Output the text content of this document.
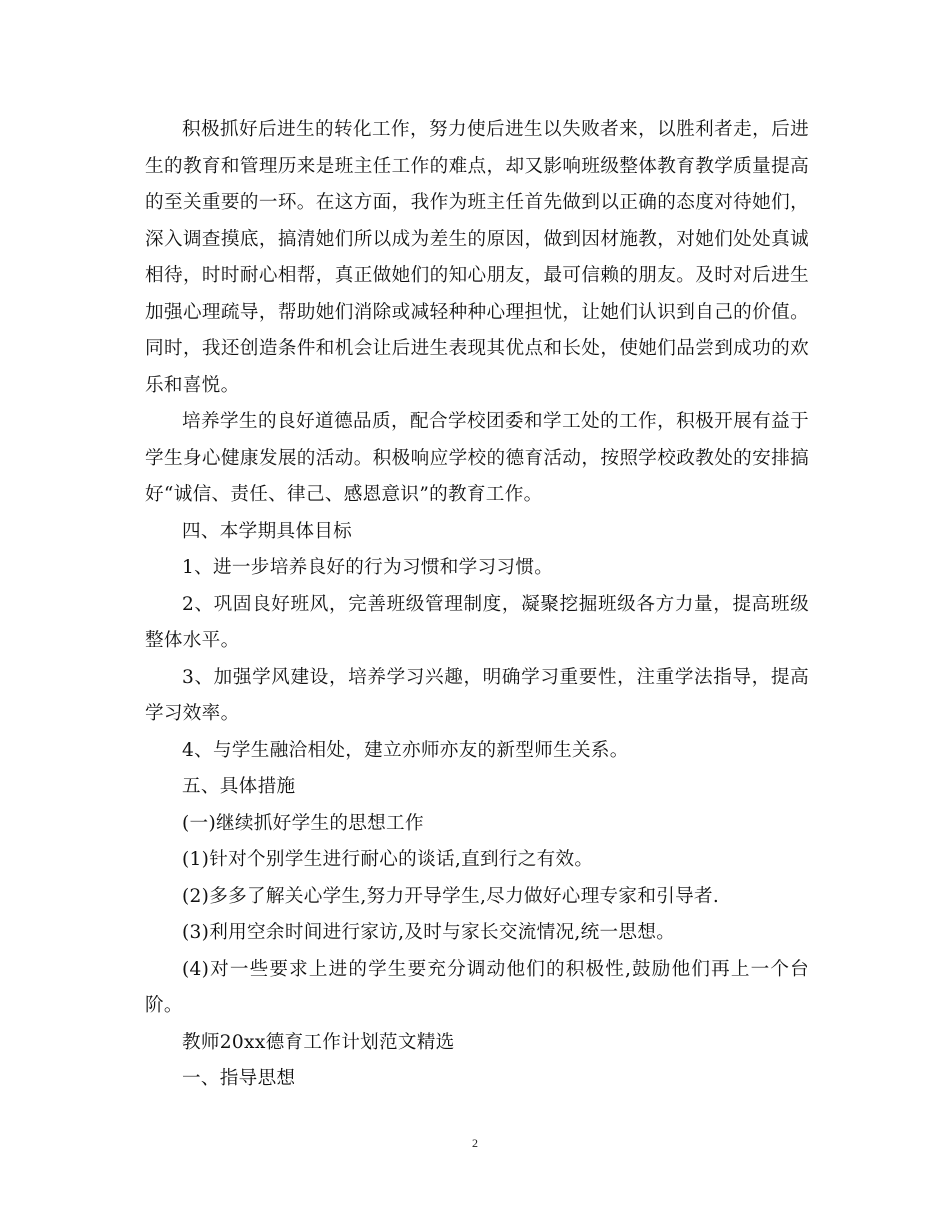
积极抓好后进生的转化工作，努力使后进生以失败者来，以胜利者走，后进生的教育和管理历来是班主任工作的难点，却又影响班级整体教育教学质量提高的至关重要的一环。在这方面，我作为班主任首先做到以正确的态度对待她们，深入调查摸底，搞清她们所以成为差生的原因，做到因材施教，对她们处处真诚相待，时时耐心相帮，真正做她们的知心朋友，最可信赖的朋友。及时对后进生加强心理疏导，帮助她们消除或减轻种种心理担忧，让她们认识到自己的价值。同时，我还创造条件和机会让后进生表现其优点和长处，使她们品尝到成功的欢乐和喜悦。

培养学生的良好道德品质，配合学校团委和学工处的工作，积极开展有益于学生身心健康发展的活动。积极响应学校的德育活动，按照学校政教处的安排搞好“诚信、责任、律己、感恩意识”的教育工作。

四、本学期具体目标

1、进一步培养良好的行为习惯和学习习惯。

2、巩固良好班风，完善班级管理制度，凝聚挖掘班级各方力量，提高班级整体水平。

3、加强学风建设，培养学习兴趣，明确学习重要性，注重学法指导，提高学习效率。

4、与学生融洽相处，建立亦师亦友的新型师生关系。

五、具体措施

(一)继续抓好学生的思想工作

(1)针对个别学生进行耐心的谈话,直到行之有效。

(2)多多了解关心学生,努力开导学生,尽力做好心理专家和引导者.

(3)利用空余时间进行家访,及时与家长交流情况,统一思想。

(4)对一些要求上进的学生要充分调动他们的积极性,鼓励他们再上一个台阶。

教师20xx德育工作计划范文精选

一、指导思想

2
